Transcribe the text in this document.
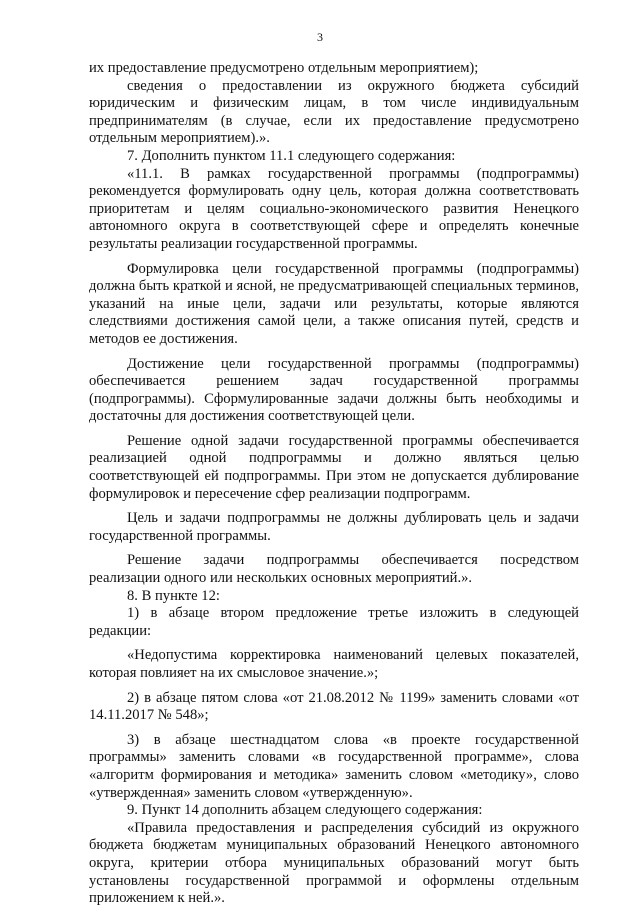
3

их предоставление предусмотрено отдельным мероприятием);

сведения о предоставлении из окружного бюджета субсидий юридическим и физическим лицам, в том числе индивидуальным предпринимателям (в случае, если их предоставление предусмотрено отдельным мероприятием).».

7. Дополнить пунктом 11.1 следующего содержания:

«11.1. В рамках государственной программы (подпрограммы) рекомендуется формулировать одну цель, которая должна соответствовать приоритетам и целям социально-экономического развития Ненецкого автономного округа в соответствующей сфере и определять конечные результаты реализации государственной программы.

Формулировка цели государственной программы (подпрограммы) должна быть краткой и ясной, не предусматривающей специальных терминов, указаний на иные цели, задачи или результаты, которые являются следствиями достижения самой цели, а также описания путей, средств и методов ее достижения.

Достижение цели государственной программы (подпрограммы) обеспечивается решением задач государственной программы (подпрограммы). Сформулированные задачи должны быть необходимы и достаточны для достижения соответствующей цели.

Решение одной задачи государственной программы обеспечивается реализацией одной подпрограммы и должно являться целью соответствующей ей подпрограммы. При этом не допускается дублирование формулировок и пересечение сфер реализации подпрограмм.

Цель и задачи подпрограммы не должны дублировать цель и задачи государственной программы.

Решение задачи подпрограммы обеспечивается посредством реализации одного или нескольких основных мероприятий.».

8. В пункте 12:

1) в абзаце втором предложение третье изложить в следующей редакции:

«Недопустима корректировка наименований целевых показателей, которая повлияет на их смысловое значение.»;

2) в абзаце пятом слова «от 21.08.2012 № 1199» заменить словами «от 14.11.2017 № 548»;

3) в абзаце шестнадцатом слова «в проекте государственной программы» заменить словами «в государственной программе», слова «алгоритм формирования и методика» заменить словом «методику», слово «утвержденная» заменить словом «утвержденную».

9. Пункт 14 дополнить абзацем следующего содержания:

«Правила предоставления и распределения субсидий из окружного бюджета бюджетам муниципальных образований Ненецкого автономного округа, критерии отбора муниципальных образований могут быть установлены государственной программой и оформлены отдельным приложением к ней.».
